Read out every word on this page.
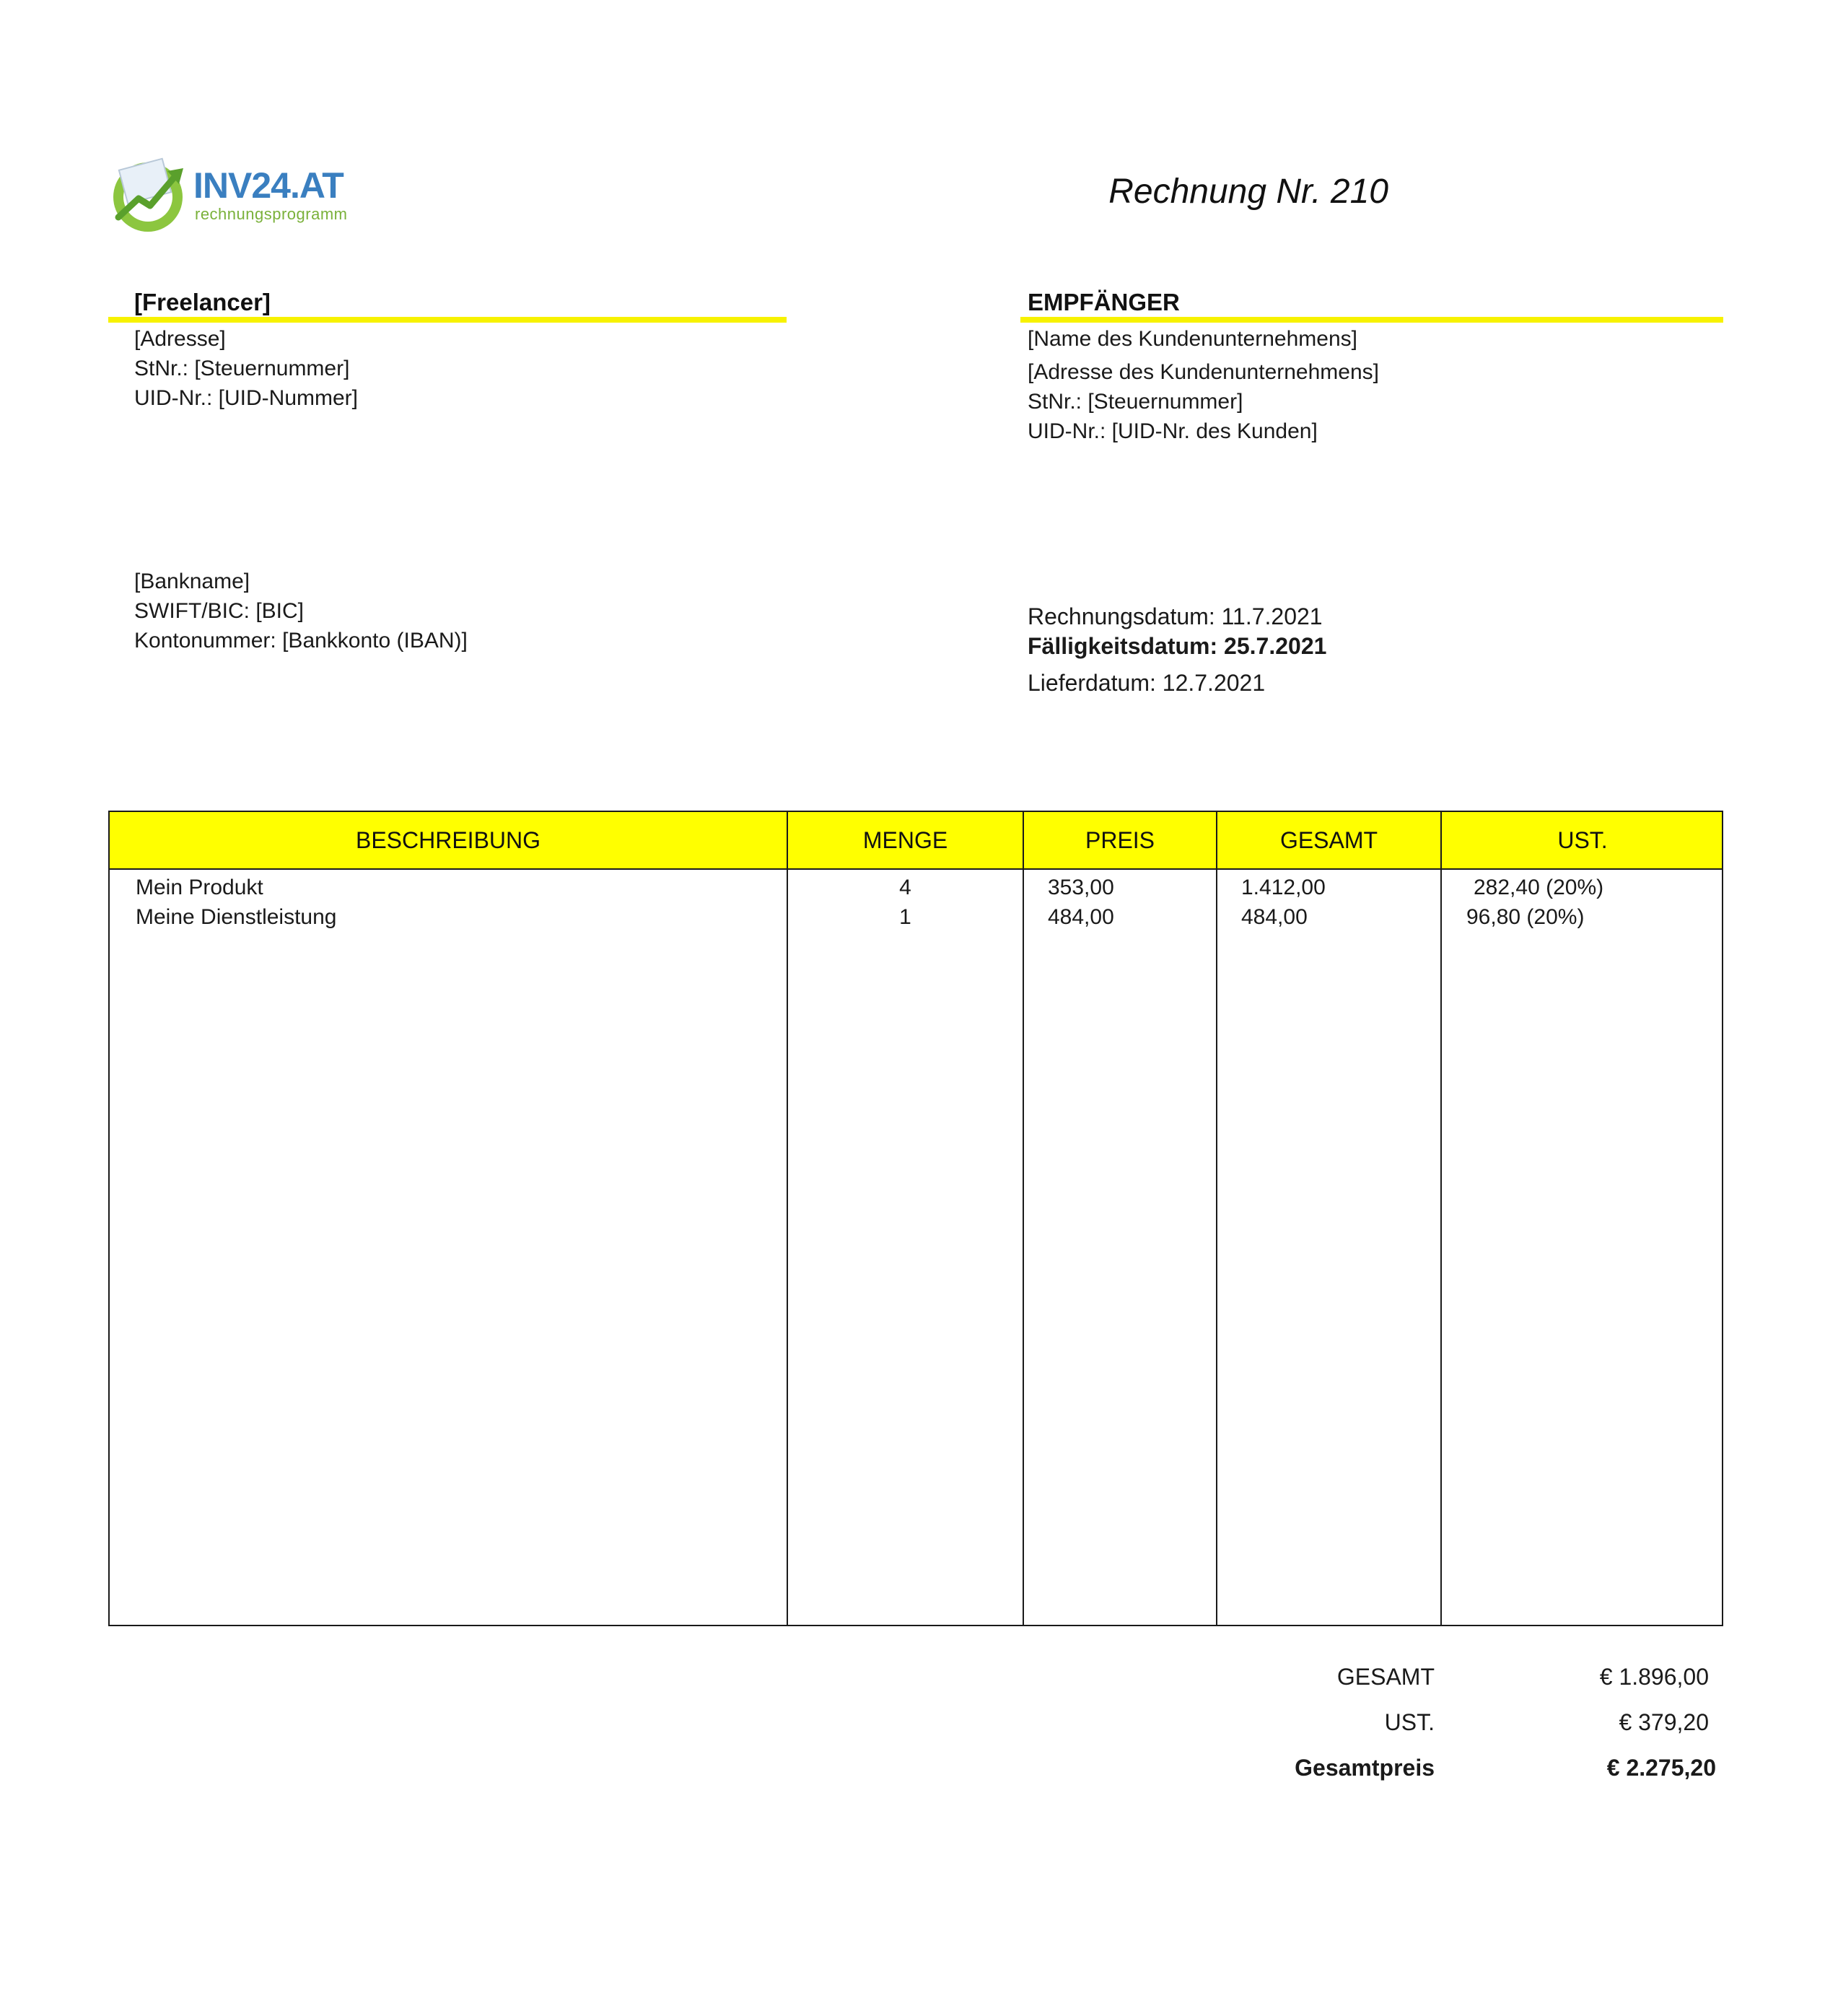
INV24.AT
rechnungsprogramm
Rechnung Nr. 210
[Freelancer]
[Adresse]
StNr.: [Steuernummer]
UID-Nr.: [UID-Nummer]
EMPFÄNGER
[Name des Kundenunternehmens]
[Adresse des Kundenunternehmens]
StNr.: [Steuernummer]
UID-Nr.: [UID-Nr. des Kunden]
[Bankname]
SWIFT/BIC: [BIC]
Kontonummer: [Bankkonto (IBAN)]
Rechnungsdatum: 11.7.2021
Fälligkeitsdatum: 25.7.2021
Lieferdatum: 12.7.2021
BESCHREIBUNG	MENGE	PREIS	GESAMT	UST.
Mein Produkt	4	353,00	1.412,00	282,40 (20%)
Meine Dienstleistung	1	484,00	484,00	96,80 (20%)
GESAMT	€ 1.896,00
UST.	€ 379,20
Gesamtpreis	€ 2.275,20
